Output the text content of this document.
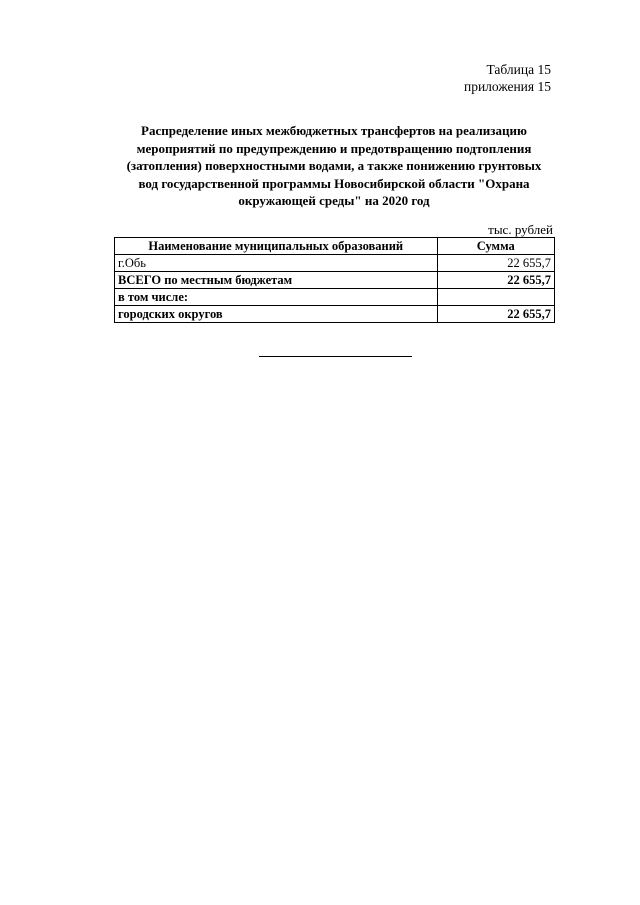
Таблица 15
приложения 15
Распределение иных межбюджетных трансфертов на реализацию
мероприятий по предупреждению и предотвращению подтопления
(затопления) поверхностными водами, а также понижению грунтовых
вод государственной программы Новосибирской области "Охрана
окружающей среды" на 2020 год
тыс. рублей
Наименование муниципальных образований	Сумма
г.Обь	22 655,7
ВСЕГО по местным бюджетам	22 655,7
в том числе:	
городских округов	22 655,7
